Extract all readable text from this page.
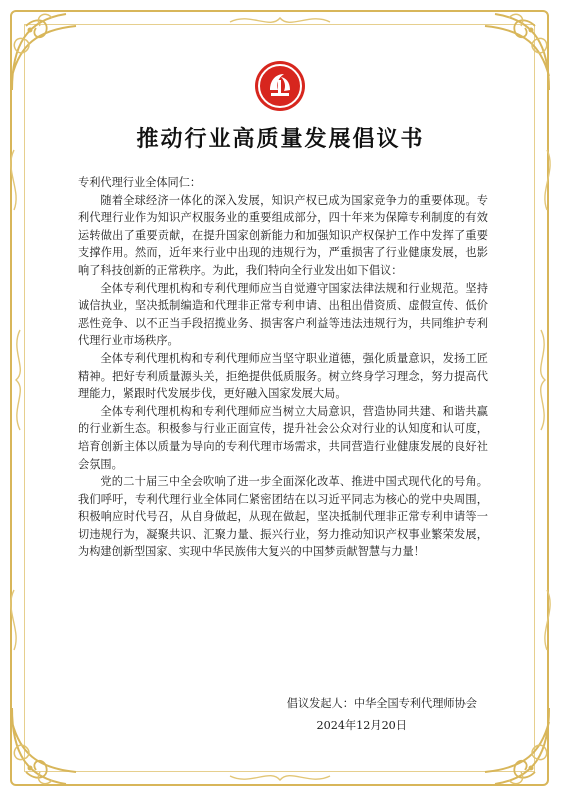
推动行业高质量发展倡议书

专利代理行业全体同仁：

随着全球经济一体化的深入发展，知识产权已成为国家竞争力的重要体现。专利代理行业作为知识产权服务业的重要组成部分，四十年来为保障专利制度的有效运转做出了重要贡献，在提升国家创新能力和加强知识产权保护工作中发挥了重要支撑作用。然而，近年来行业中出现的违规行为，严重损害了行业健康发展，也影响了科技创新的正常秩序。为此，我们特向全行业发出如下倡议：

全体专利代理机构和专利代理师应当自觉遵守国家法律法规和行业规范。坚持诚信执业，坚决抵制编造和代理非正常专利申请、出租出借资质、虚假宣传、低价恶性竞争、以不正当手段招揽业务、损害客户利益等违法违规行为，共同维护专利代理行业市场秩序。

全体专利代理机构和专利代理师应当坚守职业道德，强化质量意识，发扬工匠精神。把好专利质量源头关，拒绝提供低质服务。树立终身学习理念，努力提高代理能力，紧跟时代发展步伐，更好融入国家发展大局。

全体专利代理机构和专利代理师应当树立大局意识，营造协同共建、和谐共赢的行业新生态。积极参与行业正面宣传，提升社会公众对行业的认知度和认可度，培育创新主体以质量为导向的专利代理市场需求，共同营造行业健康发展的良好社会氛围。

党的二十届三中全会吹响了进一步全面深化改革、推进中国式现代化的号角。我们呼吁，专利代理行业全体同仁紧密团结在以习近平同志为核心的党中央周围，积极响应时代号召，从自身做起，从现在做起，坚决抵制代理非正常专利申请等一切违规行为，凝聚共识、汇聚力量、振兴行业，努力推动知识产权事业繁荣发展，为构建创新型国家、实现中华民族伟大复兴的中国梦贡献智慧与力量！

倡议发起人： 中华全国专利代理师协会
2024年12月20日
